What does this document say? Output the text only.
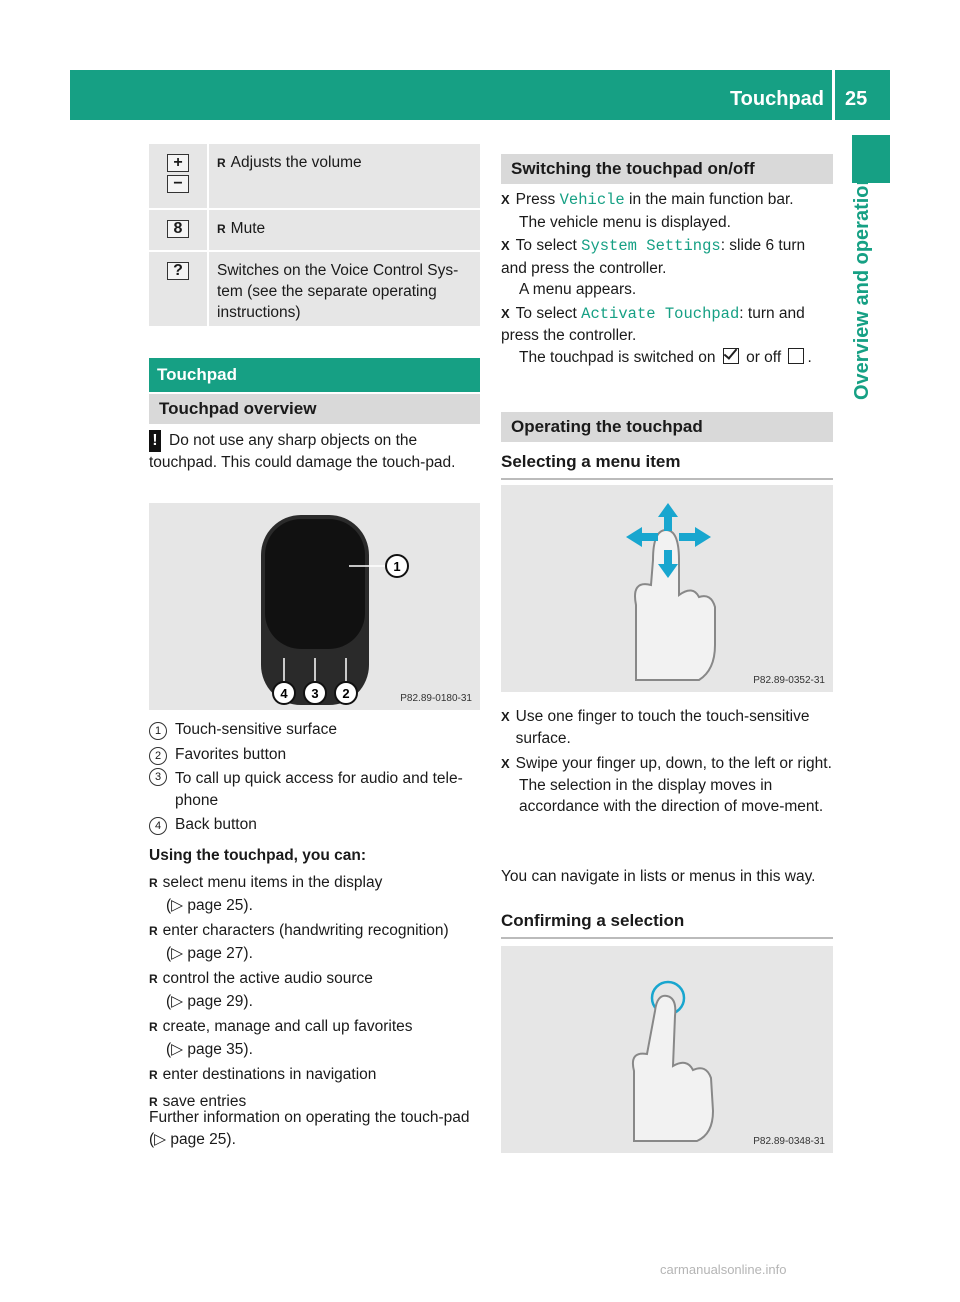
Touchpad 25
Overview and operation
+
−
R Adjusts the volume
8
R	Mute
?	Switches on the Voice Control Sys-tem (see the separate operating instructions)
Touchpad
Touchpad overview
! Do not use any sharp objects on the touchpad. This could damage the touch-pad.
1
4 3 2	P82.89-0180-31
1 Touch-sensitive surface
2 Favorites button
3 To call up quick access for audio and tele-phone
4 Back button
Using the touchpad, you can:
R select menu items in the display
(▷ page 25).
R enter characters (handwriting recognition)
(▷ page 27).
R control the active audio source
(▷ page 29).
R create, manage and call up favorites
(▷ page 35).
R enter destinations in navigation
R save entries
Further information on operating the touch-pad (▷ page 25).
Switching the touchpad on/off
X Press Vehicle in the main function bar.
The vehicle menu is displayed.
X To select System Settings: slide 6 turn and press the controller.
A menu appears.
X To select Activate Touchpad: turn and press the controller.
The touchpad is switched on or off .
Operating the touchpad
Selecting a menu item
P82.89-0352-31
X Use one finger to touch the touch-sensitive surface.
X Swipe your finger up, down, to the left or right.
The selection in the display moves in accordance with the direction of move-ment.
You can navigate in lists or menus in this way.
Confirming a selection
P82.89-0348-31
carmanualsonline.info
